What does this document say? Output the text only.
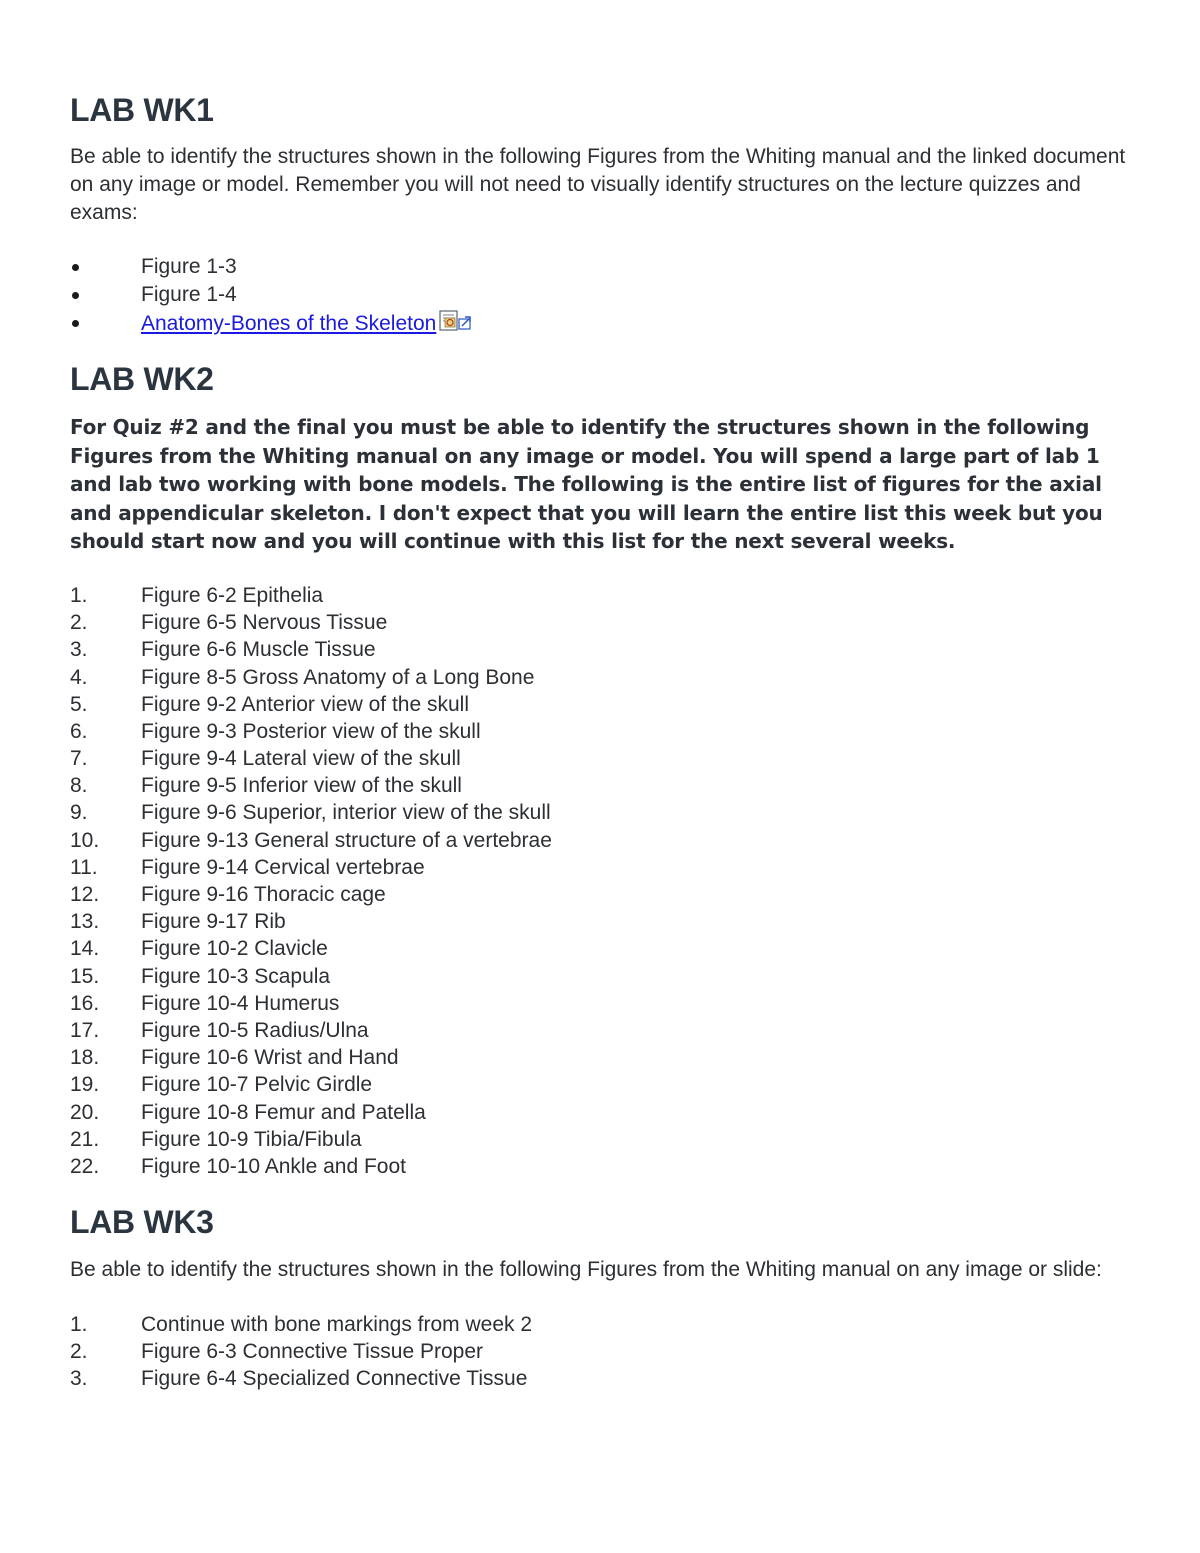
LAB WK1

Be able to identify the structures shown in the following Figures from the Whiting manual and the linked document on any image or model. Remember you will not need to visually identify structures on the lecture quizzes and exams:

Figure 1-3
Figure 1-4
Anatomy-Bones of the Skeleton
LAB WK2

For Quiz #2 and the final you must be able to identify the structures shown in the following Figures from the Whiting manual on any image or model. You will spend a large part of lab 1 and lab two working with bone models. The following is the entire list of figures for the axial and appendicular skeleton. I don't expect that you will learn the entire list this week but you should start now and you will continue with this list for the next several weeks.

1.	Figure 6-2 Epithelia
2.	Figure 6-5 Nervous Tissue
3.	Figure 6-6 Muscle Tissue
4.	Figure 8-5 Gross Anatomy of a Long Bone
5.	Figure 9-2 Anterior view of the skull
6.	Figure 9-3 Posterior view of the skull
7.	Figure 9-4 Lateral view of the skull
8.	Figure 9-5 Inferior view of the skull
9.	Figure 9-6 Superior, interior view of the skull
10.	Figure 9-13 General structure of a vertebrae
11.	Figure 9-14 Cervical vertebrae
12.	Figure 9-16 Thoracic cage
13.	Figure 9-17 Rib
14.	Figure 10-2 Clavicle
15.	Figure 10-3 Scapula
16.	Figure 10-4 Humerus
17.	Figure 10-5 Radius/Ulna
18.	Figure 10-6 Wrist and Hand
19.	Figure 10-7 Pelvic Girdle
20.	Figure 10-8 Femur and Patella
21.	Figure 10-9 Tibia/Fibula
22.	Figure 10-10 Ankle and Foot
LAB WK3

Be able to identify the structures shown in the following Figures from the Whiting manual on any image or slide:

1.	Continue with bone markings from week 2
2.	Figure 6-3 Connective Tissue Proper
3.	Figure 6-4 Specialized Connective Tissue
